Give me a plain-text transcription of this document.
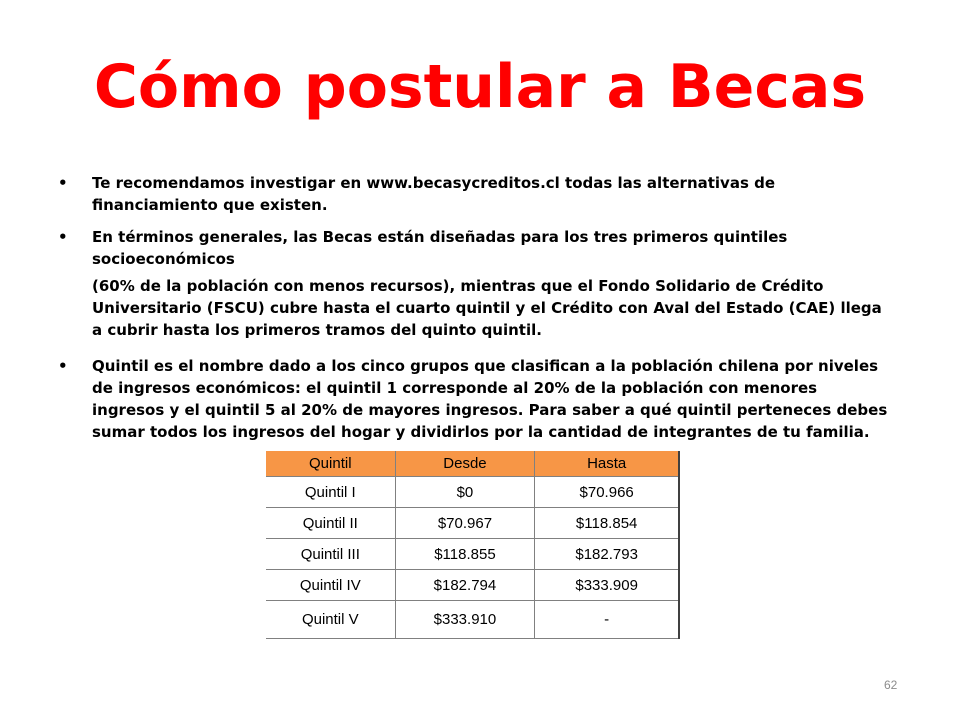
Cómo postular a Becas
• Te recomendamos investigar en www.becasycreditos.cl todas las alternativas de financiamiento que existen.
• En términos generales, las Becas están diseñadas para los tres primeros quintiles socioeconómicos
(60% de la población con menos recursos), mientras que el Fondo Solidario de Crédito Universitario (FSCU) cubre hasta el cuarto quintil y el Crédito con Aval del Estado (CAE) llega a cubrir hasta los primeros tramos del quinto quintil.
• Quintil es el nombre dado a los cinco grupos que clasifican a la población chilena por niveles de ingresos económicos: el quintil 1 corresponde al 20% de la población con menores ingresos y el quintil 5 al 20% de mayores ingresos. Para saber a qué quintil perteneces debes sumar todos los ingresos del hogar y dividirlos por la cantidad de integrantes de tu familia.
Quintil	Desde	Hasta
Quintil I	$0	$70.966
Quintil II	$70.967	$118.854
Quintil III	$118.855	$182.793
Quintil IV	$182.794	$333.909
Quintil V	$333.910	-
62
